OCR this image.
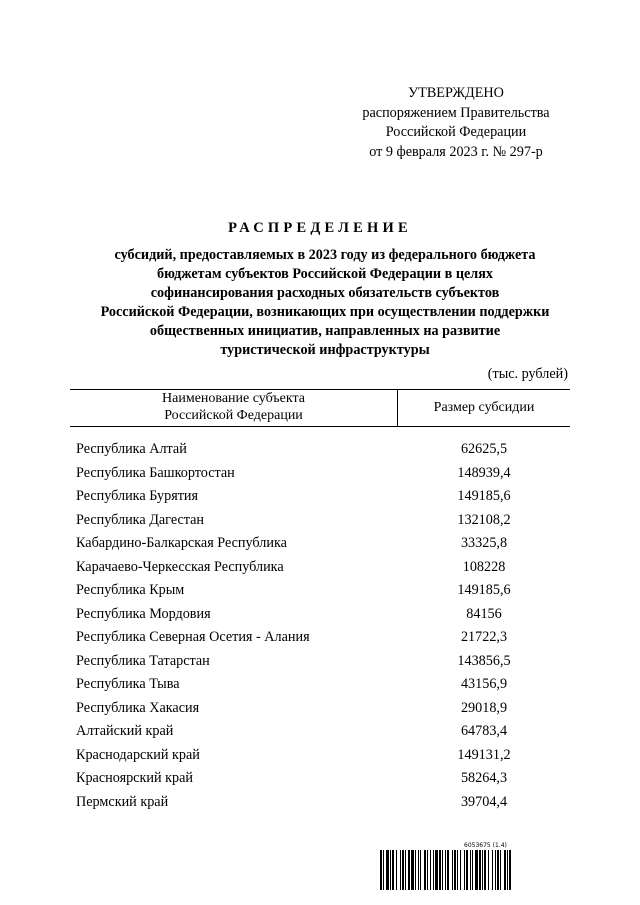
УТВЕРЖДЕНО
распоряжением Правительства
Российской Федерации
от 9 февраля 2023 г. № 297-р
РАСПРЕДЕЛЕНИЕ
субсидий, предоставляемых в 2023 году из федерального бюджета
бюджетам субъектов Российской Федерации в целях
софинансирования расходных обязательств субъектов
Российской Федерации, возникающих при осуществлении поддержки
общественных инициатив, направленных на развитие
туристической инфраструктуры
(тыс. рублей)
Наименование субъекта
Российской Федерации	Размер субсидии
Республика Алтай	62625,5
Республика Башкортостан	148939,4
Республика Бурятия	149185,6
Республика Дагестан	132108,2
Кабардино-Балкарская Республика	33325,8
Карачаево-Черкесская Республика	108228
Республика Крым	149185,6
Республика Мордовия	84156
Республика Северная Осетия - Алания	21722,3
Республика Татарстан	143856,5
Республика Тыва	43156,9
Республика Хакасия	29018,9
Алтайский край	64783,4
Краснодарский край	149131,2
Красноярский край	58264,3
Пермский край	39704,4
6053675 (1.4)
